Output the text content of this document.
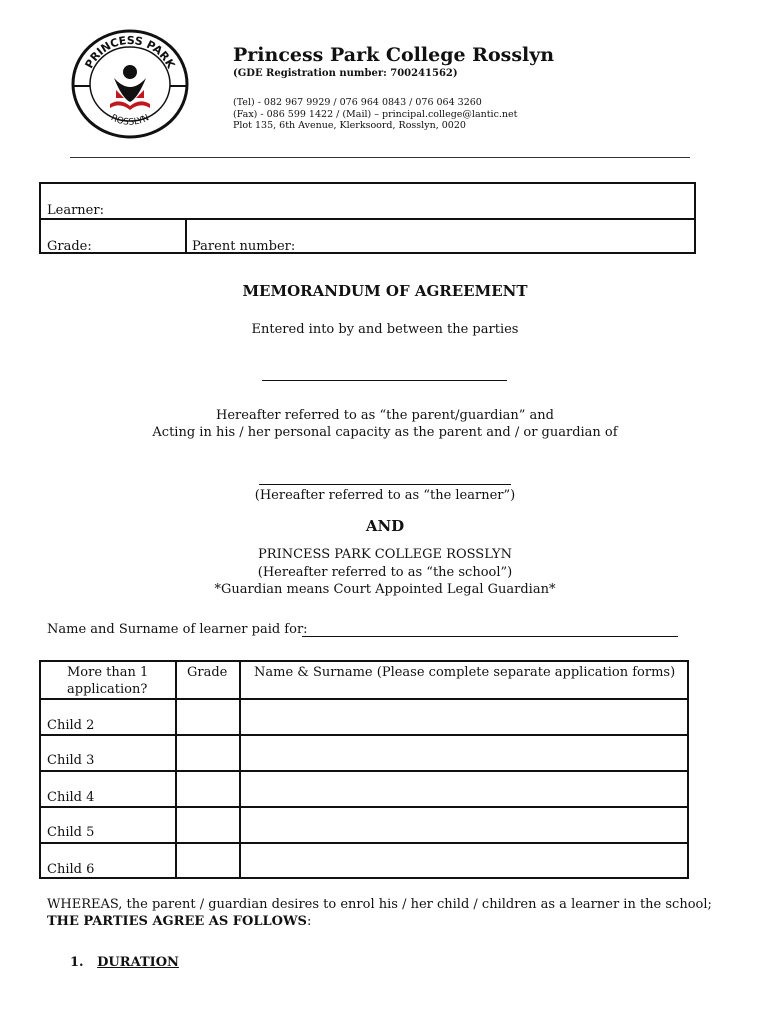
PRINCESS PARK
ROSSLYN
Princess Park College Rosslyn
(GDE Registration number: 700241562)
(Tel) - 082 967 9929 / 076 964 0843 / 076 064 3260
(Fax) - 086 599 1422 / (Mail) – principal.college@lantic.net
Plot 135, 6th Avenue, Klerksoord, Rosslyn, 0020
Learner:
Grade:	Parent number:
MEMORANDUM OF AGREEMENT
Entered into by and between the parties
Hereafter referred to as “the parent/guardian” and
Acting in his / her personal capacity as the parent and / or guardian of
(Hereafter referred to as “the learner”)
AND
PRINCESS PARK COLLEGE ROSSLYN
(Hereafter referred to as “the school”)
*Guardian means Court Appointed Legal Guardian*
Name and Surname of learner paid for:
More than 1
application?
Grade Name & Surname (Please complete separate application forms)
Child 2
Child 3
Child 4
Child 5
Child 6
WHEREAS, the parent / guardian desires to enrol his / her child / children as a learner in the school;
THE PARTIES AGREE AS FOLLOWS:
1. DURATION
